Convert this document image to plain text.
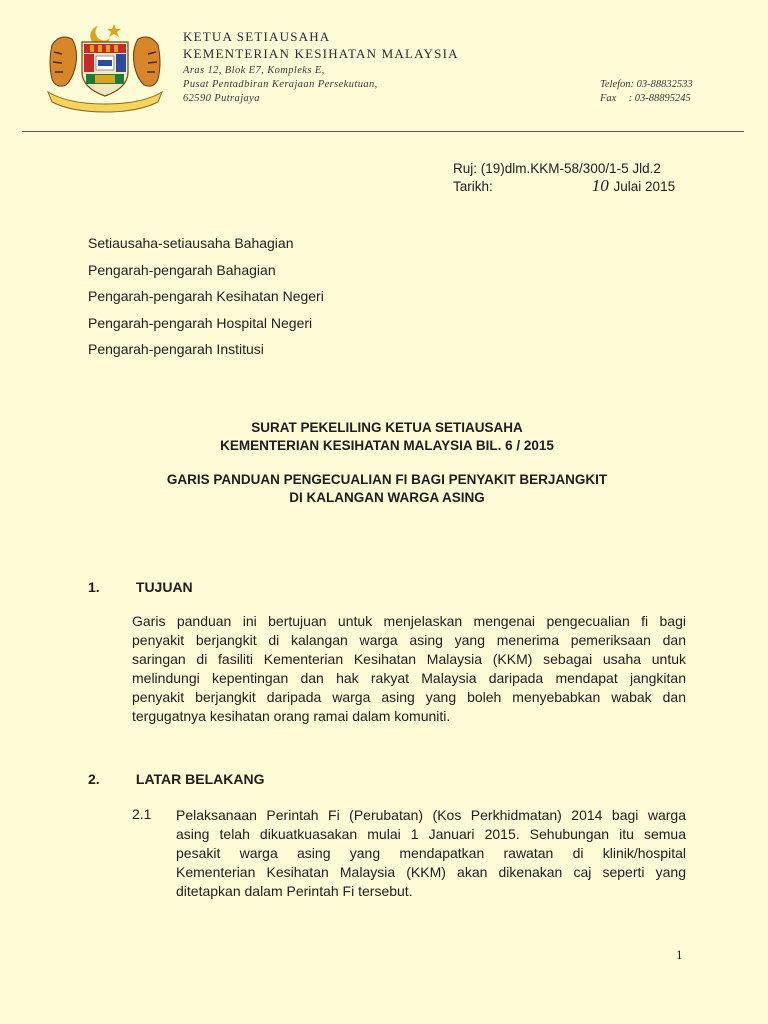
KETUA SETIAUSAHA
KEMENTERIAN KESIHATAN MALAYSIA
Aras 12, Blok E7, Kompleks E,
Pusat Pentadbiran Kerajaan Persekutuan,
62590 Putrajaya
Telefon: 03-88832533
Fax : 03-88895245
Ruj: (19)dlm.KKM-58/300/1-5 Jld.2
Tarikh:	10 Julai 2015
Setiausaha-setiausaha Bahagian
Pengarah-pengarah Bahagian
Pengarah-pengarah Kesihatan Negeri
Pengarah-pengarah Hospital Negeri
Pengarah-pengarah Institusi
SURAT PEKELILING KETUA SETIAUSAHA
KEMENTERIAN KESIHATAN MALAYSIA BIL. 6 / 2015
GARIS PANDUAN PENGECUALIAN FI BAGI PENYAKIT BERJANGKIT
DI KALANGAN WARGA ASING
1.	TUJUAN
Garis panduan ini bertujuan untuk menjelaskan mengenai pengecualian fi bagi
penyakit berjangkit di kalangan warga asing yang menerima pemeriksaan dan
saringan di fasiliti Kementerian Kesihatan Malaysia (KKM) sebagai usaha untuk
melindungi kepentingan dan hak rakyat Malaysia daripada mendapat jangkitan
penyakit berjangkit daripada warga asing yang boleh menyebabkan wabak dan
tergugatnya kesihatan orang ramai dalam komuniti.
2.	LATAR BELAKANG
2.1 Pelaksanaan Perintah Fi (Perubatan) (Kos Perkhidmatan) 2014 bagi warga
asing telah dikuatkuasakan mulai 1 Januari 2015. Sehubungan itu semua
pesakit warga asing yang mendapatkan rawatan di klinik/hospital
Kementerian Kesihatan Malaysia (KKM) akan dikenakan caj seperti yang
ditetapkan dalam Perintah Fi tersebut.
1
